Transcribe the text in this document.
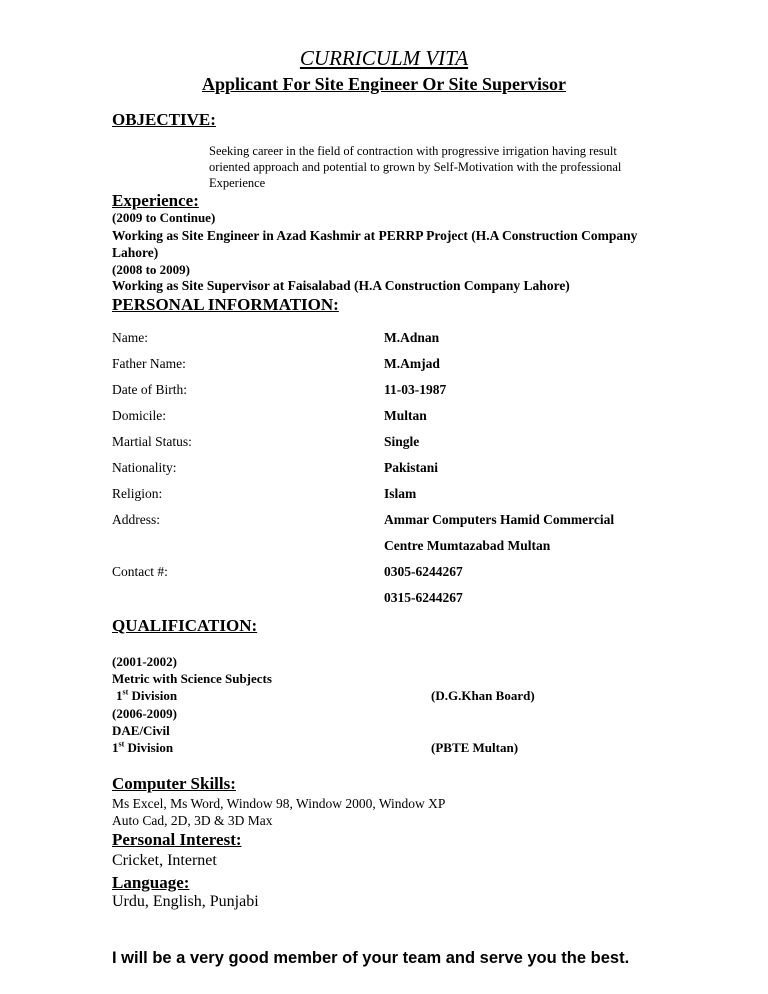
CURRICULM VITA
Applicant For Site Engineer Or Site Supervisor
OBJECTIVE:
Seeking career in the field of contraction with progressive irrigation having result
oriented approach and potential to grown by Self-Motivation with the professional
Experience
Experience:
(2009 to Continue)
Working as Site Engineer in Azad Kashmir at PERRP Project (H.A Construction Company
Lahore)
(2008 to 2009)
Working as Site Supervisor at Faisalabad (H.A Construction Company Lahore)
PERSONAL INFORMATION:
Name:	M.Adnan
Father Name:	M.Amjad
Date of Birth:	11-03-1987
Domicile:	Multan
Martial Status:	Single
Nationality:	Pakistani
Religion:	Islam
Address:	Ammar Computers Hamid Commercial
Centre Mumtazabad Multan
Contact #:	0305-6244267
0315-6244267
QUALIFICATION:
(2001-2002)
Metric with Science Subjects
1st Division	(D.G.Khan Board)
(2006-2009)
DAE/Civil
1st Division	(PBTE Multan)
Computer Skills:
Ms Excel, Ms Word, Window 98, Window 2000, Window XP
Auto Cad, 2D, 3D & 3D Max
Personal Interest:
Cricket, Internet
Language:
Urdu, English, Punjabi
I will be a very good member of your team and serve you the best.
